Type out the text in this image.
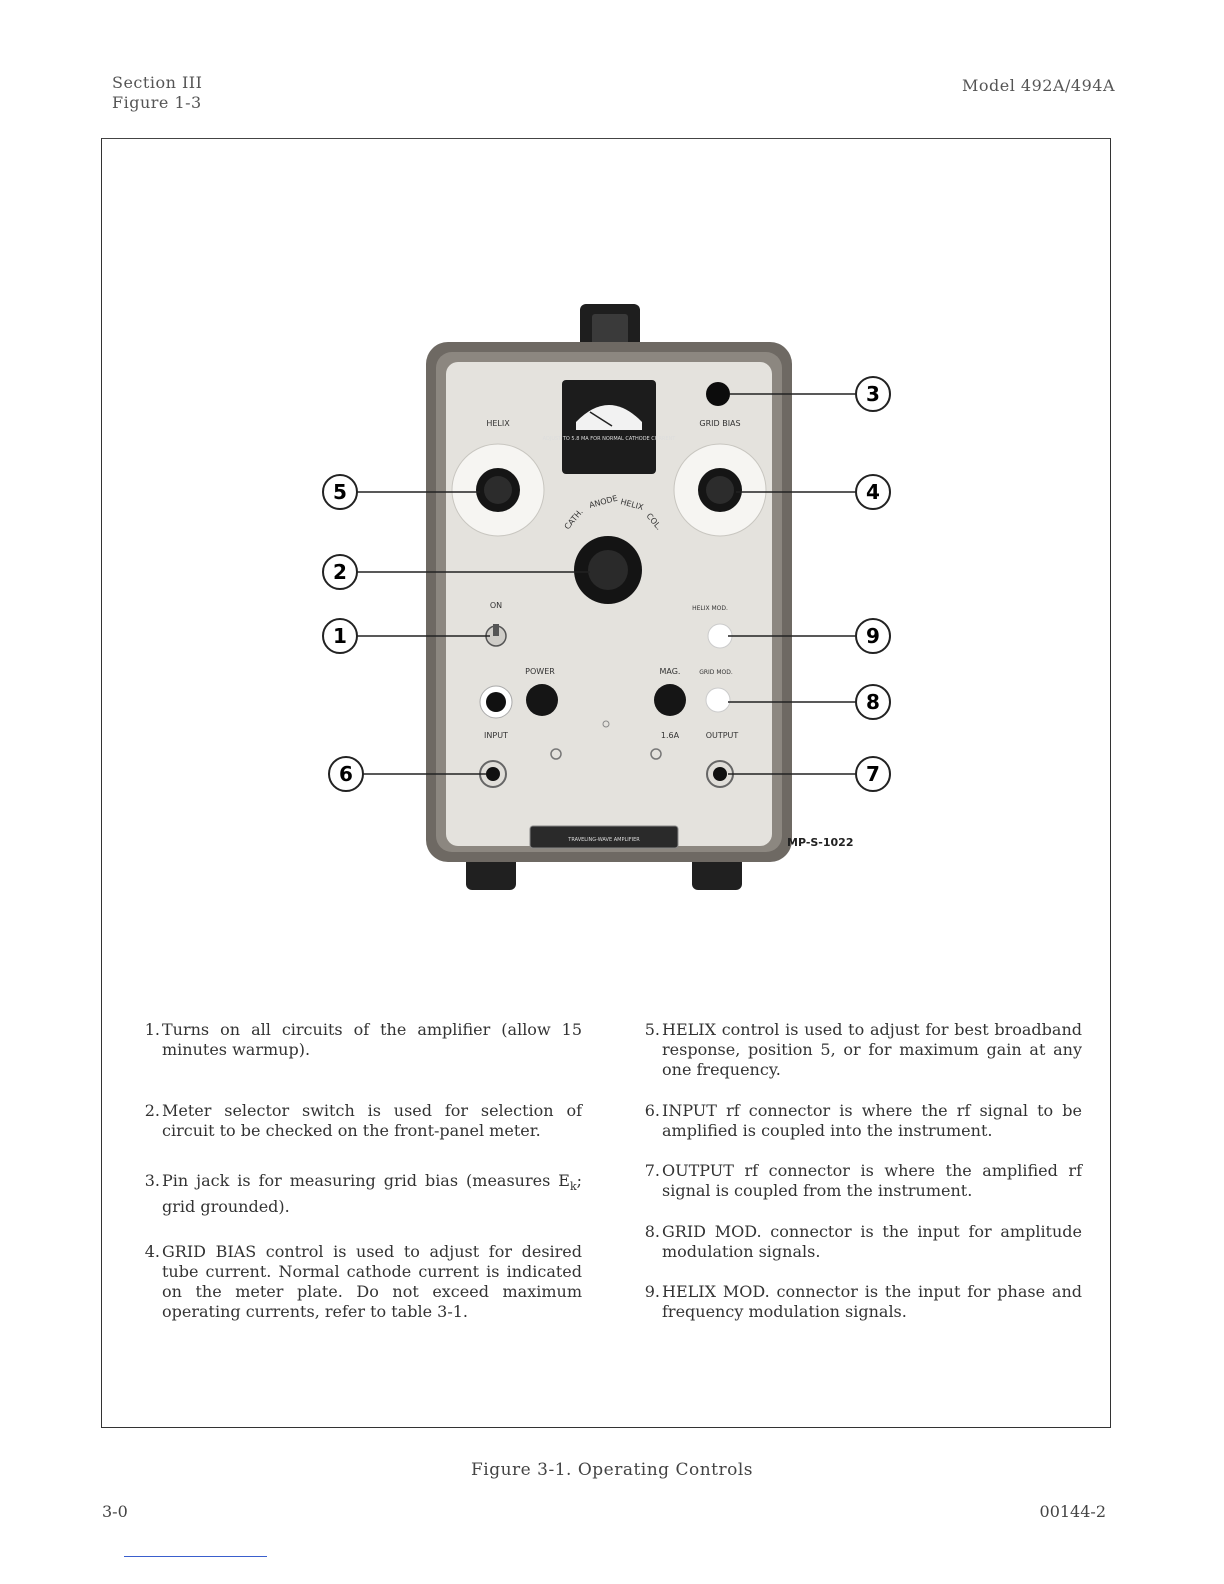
Section III
Figure 1-3
Model 492A/494A
ADJUST TO 5.8 MA FOR NORMAL CATHODE CURRENT
HELIX	GRID BIAS
CATH.
ANODE HELIX
COL.
ON	HELIX MOD.
POWER	MAG.	GRID MOD.
1.6A
INPUT	OUTPUT
TRAVELING-WAVE AMPLIFIER	MP-S-1022
5
2
1
6
3
4
9
8
7
1. Turns on all circuits of the amplifier (allow 15 minutes warmup).
2. Meter selector switch is used for selection of circuit to be checked on the front-panel meter.
3. Pin jack is for measuring grid bias (measures $E_k$; grid grounded).
4. GRID BIAS control is used to adjust for desired tube current. Normal cathode current is indicated on the meter plate. Do not exceed maximum operating currents, refer to table 3-1.
5. HELIX control is used to adjust for best broadband response, position 5, or for maximum gain at any one frequency.
6. INPUT rf connector is where the rf signal to be amplified is coupled into the instrument.
7. OUTPUT rf connector is where the amplified rf signal is coupled from the instrument.
8. GRID MOD. connector is the input for amplitude modulation signals.
9. HELIX MOD. connector is the input for phase and frequency modulation signals.
Figure 3-1. Operating Controls
3-0	00144-2
